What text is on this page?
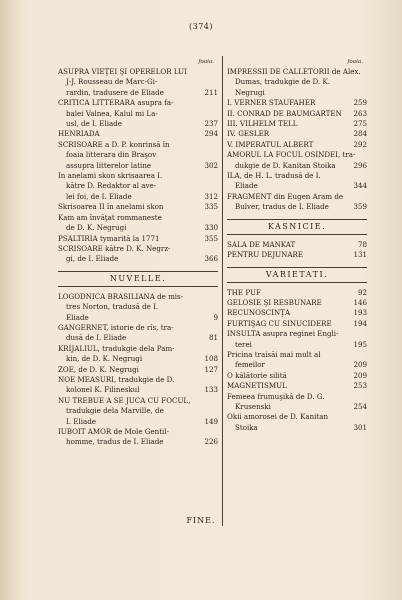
(374)
foaia.
ASUPRA VIEŢEI ŞI OPERELOR LUI
J-J. Rousseau de Marc-Gi-
rardin, tradusere de Eliade	211
CRITICA LITTERARA asupra fa-
balei Valnea, Kalul mi La-
usl, de I. Eliade	237
HENRIADA	294
SCRISOARE a D. P. konrinsă în
foaia litterara din Braşov
assupra litterelor latine	302
In anelami skon skrisaarea I.
kătre D. Redaktor al ave-
lei foi, de I. Eliade	312
Skrisoarea II în anelami skon	335
Kam am învăţat rommaneste
de D. K. Negrugi	330
PSALTIRIA tymarită la 1771	355
SCRISOARE kătre D. K. Negrz-
gi, de I. Eliade	366
NUVELLE.
LOGODNICA BRASILIANA de mis-
tres Norton, tradusă de I.
Eliade	9
GANGERNET, istorie de rîs, tra-
dusă de I. Eliade	81
KRIJALIUL, tradukgie dela Pam-
kin, de D. K. Negrugi	108
ZOE, de D. K. Negrugi	127
NOE MEASURI, tradukgie de D.
kolonel K. Filineskul	133
NU TREBUE A SE JUCA CU FOCUL,
tradukgie dela Marville, de
I. Eliade	149
IUBOIT AMOR de Mole Gentil-
homme, tradus de I. Eliade	226
foaia.
IMPRESSII DE CALLETORII de Alex.
Dumas, tradukgie de D. K.
Negrugi
I. VERNER STAUFAHER	259
II. CONRAD DE BAUMGARTEN 263
III. VILHELM TELL	275
IV. GESLER	284
V. IMPERATUL ALBERT	292
AMORUL LA FOCUL OSINDEI, tra-
dukgie de D. Kanitan Stoika	296
ILA, de H. L. tradusă de I.
Eliade	344
FRAGMENT din Eugen Aram de
Bulver, tradus de I. Eliade	359
KASNICIE.
SALA DE MANKAT	78
PENTRU DEJUNARE	131
VARIETATI.
THE PUF	92
GELOSIE ŞI RESBUNARE	146
RECUNOSCINŢA	193
FURTIŞAG CU SINUCIDERE	194
INSULTA asupra reginei Engli-
terei	195
Pricina traisăi mai mult al
femeilor	209
O kălătorie silită	209
MAGNETISMUL	253
Femeea frumuşikă de D. G.
Krusenski	254
Okii amorosei de D. Kanitan
Stoika	301
FINE.
